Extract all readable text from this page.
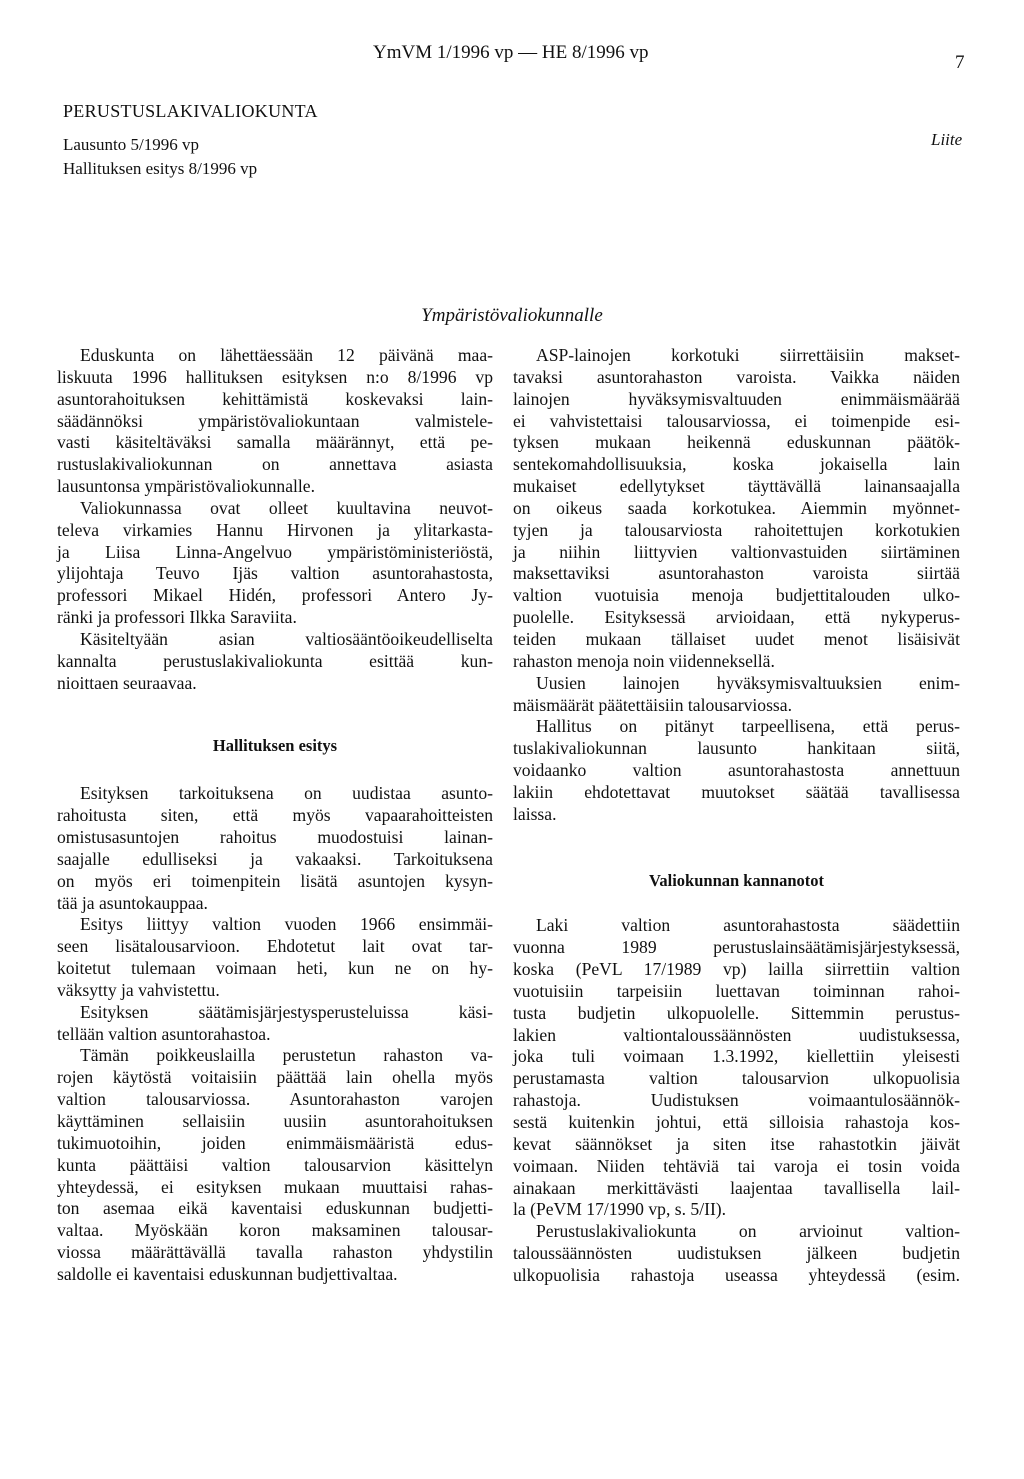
YmVM 1/1996 vp — HE 8/1996 vp	7
PERUSTUSLAKIVALIOKUNTA
Lausunto 5/1996 vp
Hallituksen esitys 8/1996 vp
Liite
Ympäristövaliokunnalle
Eduskunta on lähettäessään 12 päivänä maa-
liskuuta 1996 hallituksen esityksen n:o 8/1996 vp
asuntorahoituksen kehittämistä koskevaksi lain-
säädännöksi ympäristövaliokuntaan valmistele-
vasti käsiteltäväksi samalla määrännyt, että pe-
rustuslakivaliokunnan on annettava asiasta
lausuntonsa ympäristövaliokunnalle.
Valiokunnassa ovat olleet kuultavina neuvot-
televa virkamies Hannu Hirvonen ja ylitarkasta-
ja Liisa Linna-Angelvuo ympäristöministeriöstä,
ylijohtaja Teuvo Ijäs valtion asuntorahastosta,
professori Mikael Hidén, professori Antero Jy-
ränki ja professori Ilkka Saraviita.
Käsiteltyään asian valtiosääntöoikeudelliselta
kannalta perustuslakivaliokunta esittää kun-
nioittaen seuraavaa.
Hallituksen esitys
Esityksen tarkoituksena on uudistaa asunto-
rahoitusta siten, että myös vapaarahoitteisten
omistusasuntojen rahoitus muodostuisi lainan-
saajalle edulliseksi ja vakaaksi. Tarkoituksena
on myös eri toimenpitein lisätä asuntojen kysyn-
tää ja asuntokauppaa.
Esitys liittyy valtion vuoden 1966 ensimmäi-
seen lisätalousarvioon. Ehdotetut lait ovat tar-
koitetut tulemaan voimaan heti, kun ne on hy-
väksytty ja vahvistettu.
Esityksen säätämisjärjestysperusteluissa käsi-
tellään valtion asuntorahastoa.
Tämän poikkeuslailla perustetun rahaston va-
rojen käytöstä voitaisiin päättää lain ohella myös
valtion talousarviossa. Asuntorahaston varojen
käyttäminen sellaisiin uusiin asuntorahoituksen
tukimuotoihin, joiden enimmäismääristä edus-
kunta päättäisi valtion talousarvion käsittelyn
yhteydessä, ei esityksen mukaan muuttaisi rahas-
ton asemaa eikä kaventaisi eduskunnan budjetti-
valtaa. Myöskään koron maksaminen talousar-
viossa määrättävällä tavalla rahaston yhdystilin
saldolle ei kaventaisi eduskunnan budjettivaltaa.
ASP-lainojen korkotuki siirrettäisiin makset-
tavaksi asuntorahaston varoista. Vaikka näiden
lainojen hyväksymisvaltuuden enimmäismäärää
ei vahvistettaisi talousarviossa, ei toimenpide esi-
tyksen mukaan heikennä eduskunnan päätök-
sentekomahdollisuuksia, koska jokaisella lain
mukaiset edellytykset täyttävällä lainansaajalla
on oikeus saada korkotukea. Aiemmin myönnet-
tyjen ja talousarviosta rahoitettujen korkotukien
ja niihin liittyvien valtionvastuiden siirtäminen
maksettaviksi asuntorahaston varoista siirtää
valtion vuotuisia menoja budjettitalouden ulko-
puolelle. Esityksessä arvioidaan, että nykyperus-
teiden mukaan tällaiset uudet menot lisäisivät
rahaston menoja noin viidenneksellä.
Uusien lainojen hyväksymisvaltuuksien enim-
mäismäärät päätettäisiin talousarviossa.
Hallitus on pitänyt tarpeellisena, että perus-
tuslakivaliokunnan lausunto hankitaan siitä,
voidaanko valtion asuntorahastosta annettuun
lakiin ehdotettavat muutokset säätää tavallisessa
laissa.
Valiokunnan kannanotot
Laki valtion asuntorahastosta säädettiin
vuonna 1989 perustuslainsäätämisjärjestyksessä,
koska (PeVL 17/1989 vp) lailla siirrettiin valtion
vuotuisiin tarpeisiin luettavan toiminnan rahoi-
tusta budjetin ulkopuolelle. Sittemmin perustus-
lakien valtiontaloussäännösten uudistuksessa,
joka tuli voimaan 1.3.1992, kiellettiin yleisesti
perustamasta valtion talousarvion ulkopuolisia
rahastoja. Uudistuksen voimaantulosäännök-
sestä kuitenkin johtui, että silloisia rahastoja kos-
kevat säännökset ja siten itse rahastotkin jäivät
voimaan. Niiden tehtäviä tai varoja ei tosin voida
ainakaan merkittävästi laajentaa tavallisella lail-
la (PeVM 17/1990 vp, s. 5/II).
Perustuslakivaliokunta on arvioinut valtion-
taloussäännösten uudistuksen jälkeen budjetin
ulkopuolisia rahastoja useassa yhteydessä (esim.
